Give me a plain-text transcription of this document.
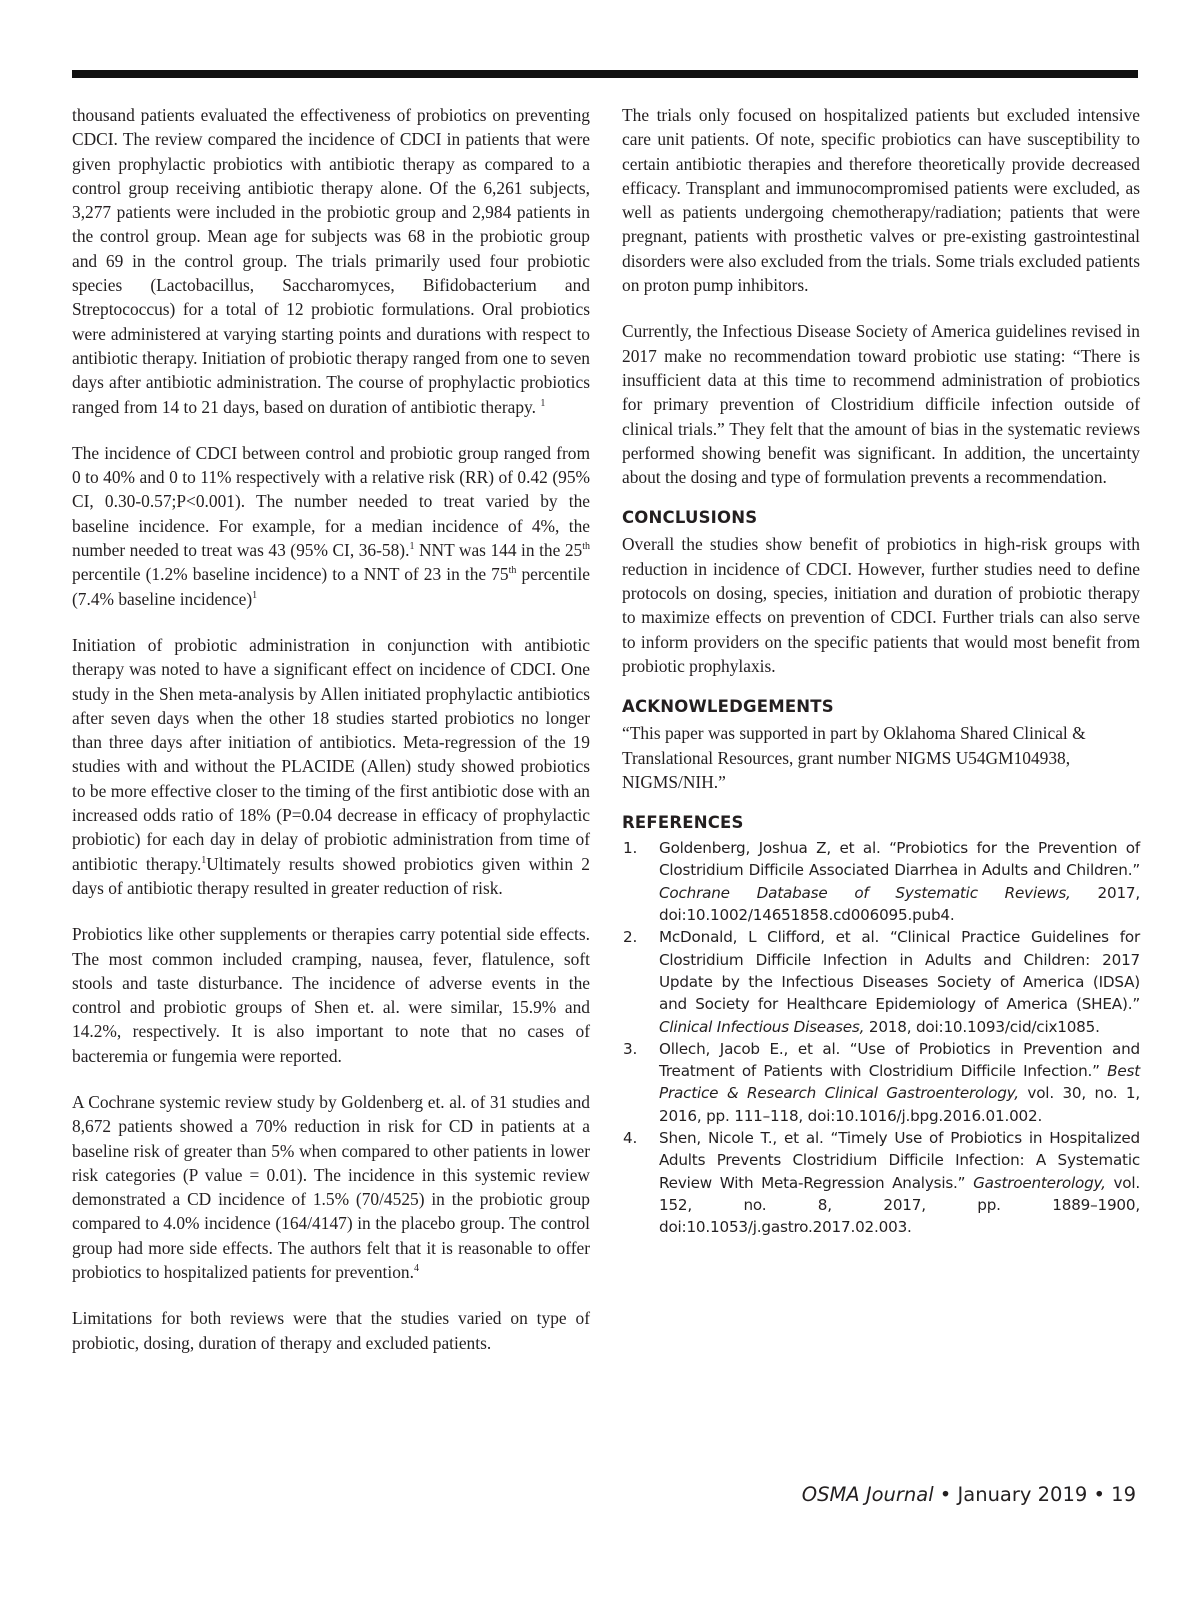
thousand patients evaluated the effectiveness of probiotics on preventing CDCI. The review compared the incidence of CDCI in patients that were given prophylactic probiotics with antibiotic therapy as compared to a control group receiving antibiotic therapy alone. Of the 6,261 subjects, 3,277 patients were included in the probiotic group and 2,984 patients in the control group. Mean age for subjects was 68 in the probiotic group and 69 in the control group. The trials primarily used four probiotic species (Lactobacillus, Saccharomyces, Bifidobacterium and Streptococcus) for a total of 12 probiotic formulations. Oral probiotics were administered at varying starting points and durations with respect to antibiotic therapy. Initiation of probiotic therapy ranged from one to seven days after antibiotic administration. The course of prophylactic probiotics ranged from 14 to 21 days, based on duration of antibiotic therapy. $^1$

The incidence of CDCI between control and probiotic group ranged from 0 to 40% and 0 to 11% respectively with a relative risk (RR) of 0.42 (95% CI, 0.30-0.57;P<0.001). The number needed to treat varied by the baseline incidence. For example, for a median incidence of 4%, the number needed to treat was 43 (95% CI, 36-58).$^1$ NNT was 144 in the 25th percentile (1.2% baseline incidence) to a NNT of 23 in the 75th percentile (7.4% baseline incidence)$^1$

Initiation of probiotic administration in conjunction with antibiotic therapy was noted to have a significant effect on incidence of CDCI. One study in the Shen meta-analysis by Allen initiated prophylactic antibiotics after seven days when the other 18 studies started probiotics no longer than three days after initiation of antibiotics. Meta-regression of the 19 studies with and without the PLACIDE (Allen) study showed probiotics to be more effective closer to the timing of the first antibiotic dose with an increased odds ratio of 18% (P=0.04 decrease in efficacy of prophylactic probiotic) for each day in delay of probiotic administration from time of antibiotic therapy.$^1$Ultimately results showed probiotics given within 2 days of antibiotic therapy resulted in greater reduction of risk.

Probiotics like other supplements or therapies carry potential side effects. The most common included cramping, nausea, fever, flatulence, soft stools and taste disturbance. The incidence of adverse events in the control and probiotic groups of Shen et. al. were similar, 15.9% and 14.2%, respectively. It is also important to note that no cases of bacteremia or fungemia were reported.

A Cochrane systemic review study by Goldenberg et. al. of 31 studies and 8,672 patients showed a 70% reduction in risk for CD in patients at a baseline risk of greater than 5% when compared to other patients in lower risk categories (P value = 0.01). The incidence in this systemic review demonstrated a CD incidence of 1.5% (70/4525) in the probiotic group compared to 4.0% incidence (164/4147) in the placebo group. The control group had more side effects. The authors felt that it is reasonable to offer probiotics to hospitalized patients for prevention.$^4$

Limitations for both reviews were that the studies varied on type of probiotic, dosing, duration of therapy and excluded patients.

The trials only focused on hospitalized patients but excluded intensive care unit patients. Of note, specific probiotics can have susceptibility to certain antibiotic therapies and therefore theoretically provide decreased efficacy. Transplant and immunocompromised patients were excluded, as well as patients undergoing chemotherapy/radiation; patients that were pregnant, patients with prosthetic valves or pre-existing gastrointestinal disorders were also excluded from the trials. Some trials excluded patients on proton pump inhibitors.

Currently, the Infectious Disease Society of America guidelines revised in 2017 make no recommendation toward probiotic use stating: “There is insufficient data at this time to recommend administration of probiotics for primary prevention of Clostridium difficile infection outside of clinical trials.” They felt that the amount of bias in the systematic reviews performed showing benefit was significant. In addition, the uncertainty about the dosing and type of formulation prevents a recommendation.

CONCLUSIONS

Overall the studies show benefit of probiotics in high-risk groups with reduction in incidence of CDCI. However, further studies need to define protocols on dosing, species, initiation and duration of probiotic therapy to maximize effects on prevention of CDCI. Further trials can also serve to inform providers on the specific patients that would most benefit from probiotic prophylaxis.

ACKNOWLEDGEMENTS

“This paper was supported in part by Oklahoma Shared Clinical & Translational Resources, grant number NIGMS U54GM104938, NIGMS/NIH.”

REFERENCES
1. Goldenberg, Joshua Z, et al. “Probiotics for the Prevention of Clostridium Difficile Associated Diarrhea in Adults and Children.” Cochrane Database of Systematic Reviews, 2017, doi:10.1002/14651858.cd006095.pub4.
2. McDonald, L Clifford, et al. “Clinical Practice Guidelines for Clostridium Difficile Infection in Adults and Children: 2017 Update by the Infectious Diseases Society of America (IDSA) and Society for Healthcare Epidemiology of America (SHEA).” Clinical Infectious Diseases, 2018, doi:10.1093/cid/cix1085.
3. Ollech, Jacob E., et al. “Use of Probiotics in Prevention and Treatment of Patients with Clostridium Difficile Infection.” Best Practice & Research Clinical Gastroenterology, vol. 30, no. 1, 2016, pp. 111–118, doi:10.1016/j.bpg.2016.01.002.
4. Shen, Nicole T., et al. “Timely Use of Probiotics in Hospitalized Adults Prevents Clostridium Difficile Infection: A Systematic Review With Meta-Regression Analysis.” Gastroenterology, vol. 152, no. 8, 2017, pp. 1889–1900, doi:10.1053/j.gastro.2017.02.003.
OSMA Journal • January 2019 • 19
